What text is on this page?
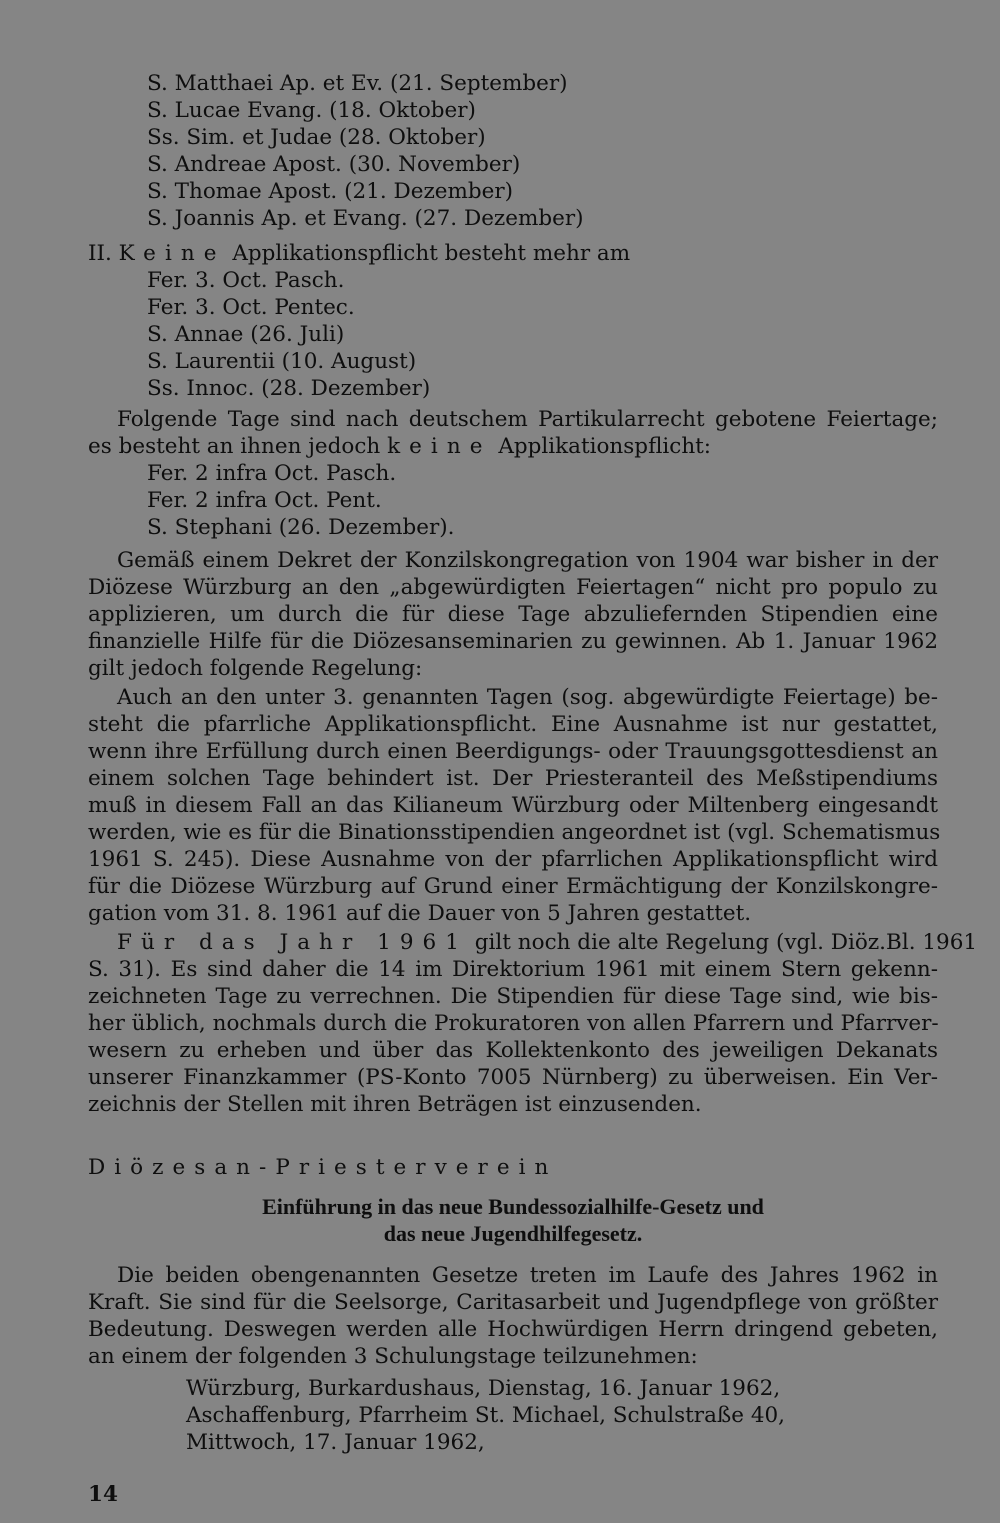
S. Matthaei Ap. et Ev. (21. September)
S. Lucae Evang. (18. Oktober)
Ss. Sim. et Judae (28. Oktober)
S. Andreae Apost. (30. November)
S. Thomae Apost. (21. Dezember)
S. Joannis Ap. et Evang. (27. Dezember)
II. Keine Applikationspflicht besteht mehr am
Fer. 3. Oct. Pasch.
Fer. 3. Oct. Pentec.
S. Annae (26. Juli)
S. Laurentii (10. August)
Ss. Innoc. (28. Dezember)
Folgende Tage sind nach deutschem Partikularrecht gebotene Feiertage;
es besteht an ihnen jedoch keine Applikationspflicht:
Fer. 2 infra Oct. Pasch.
Fer. 2 infra Oct. Pent.
S. Stephani (26. Dezember).
Gemäß einem Dekret der Konzilskongregation von 1904 war bisher in der
Diözese Würzburg an den „abgewürdigten Feiertagen“ nicht pro populo zu
applizieren, um durch die für diese Tage abzuliefernden Stipendien eine
finanzielle Hilfe für die Diözesanseminarien zu gewinnen. Ab 1. Januar 1962
gilt jedoch folgende Regelung:
Auch an den unter 3. genannten Tagen (sog. abgewürdigte Feiertage) be-
steht die pfarrliche Applikationspflicht. Eine Ausnahme ist nur gestattet,
wenn ihre Erfüllung durch einen Beerdigungs- oder Trauungsgottesdienst an
einem solchen Tage behindert ist. Der Priesteranteil des Meßstipendiums
muß in diesem Fall an das Kilianeum Würzburg oder Miltenberg eingesandt
werden, wie es für die Binationsstipendien angeordnet ist (vgl. Schematismus
1961 S. 245). Diese Ausnahme von der pfarrlichen Applikationspflicht wird
für die Diözese Würzburg auf Grund einer Ermächtigung der Konzilskongre-
gation vom 31. 8. 1961 auf die Dauer von 5 Jahren gestattet.
Für das Jahr 1961 gilt noch die alte Regelung (vgl. Diöz.Bl. 1961
S. 31). Es sind daher die 14 im Direktorium 1961 mit einem Stern gekenn-
zeichneten Tage zu verrechnen. Die Stipendien für diese Tage sind, wie bis-
her üblich, nochmals durch die Prokuratoren von allen Pfarrern und Pfarrver-
wesern zu erheben und über das Kollektenkonto des jeweiligen Dekanats
unserer Finanzkammer (PS-Konto 7005 Nürnberg) zu überweisen. Ein Ver-
zeichnis der Stellen mit ihren Beträgen ist einzusenden.
Diözesan-Priesterverein
Einführung in das neue Bundessozialhilfe-Gesetz und
das neue Jugendhilfegesetz.
Die beiden obengenannten Gesetze treten im Laufe des Jahres 1962 in
Kraft. Sie sind für die Seelsorge, Caritasarbeit und Jugendpflege von größter
Bedeutung. Deswegen werden alle Hochwürdigen Herrn dringend gebeten,
an einem der folgenden 3 Schulungstage teilzunehmen:
Würzburg, Burkardushaus, Dienstag, 16. Januar 1962,
Aschaffenburg, Pfarrheim St. Michael, Schulstraße 40,
Mittwoch, 17. Januar 1962,
14
